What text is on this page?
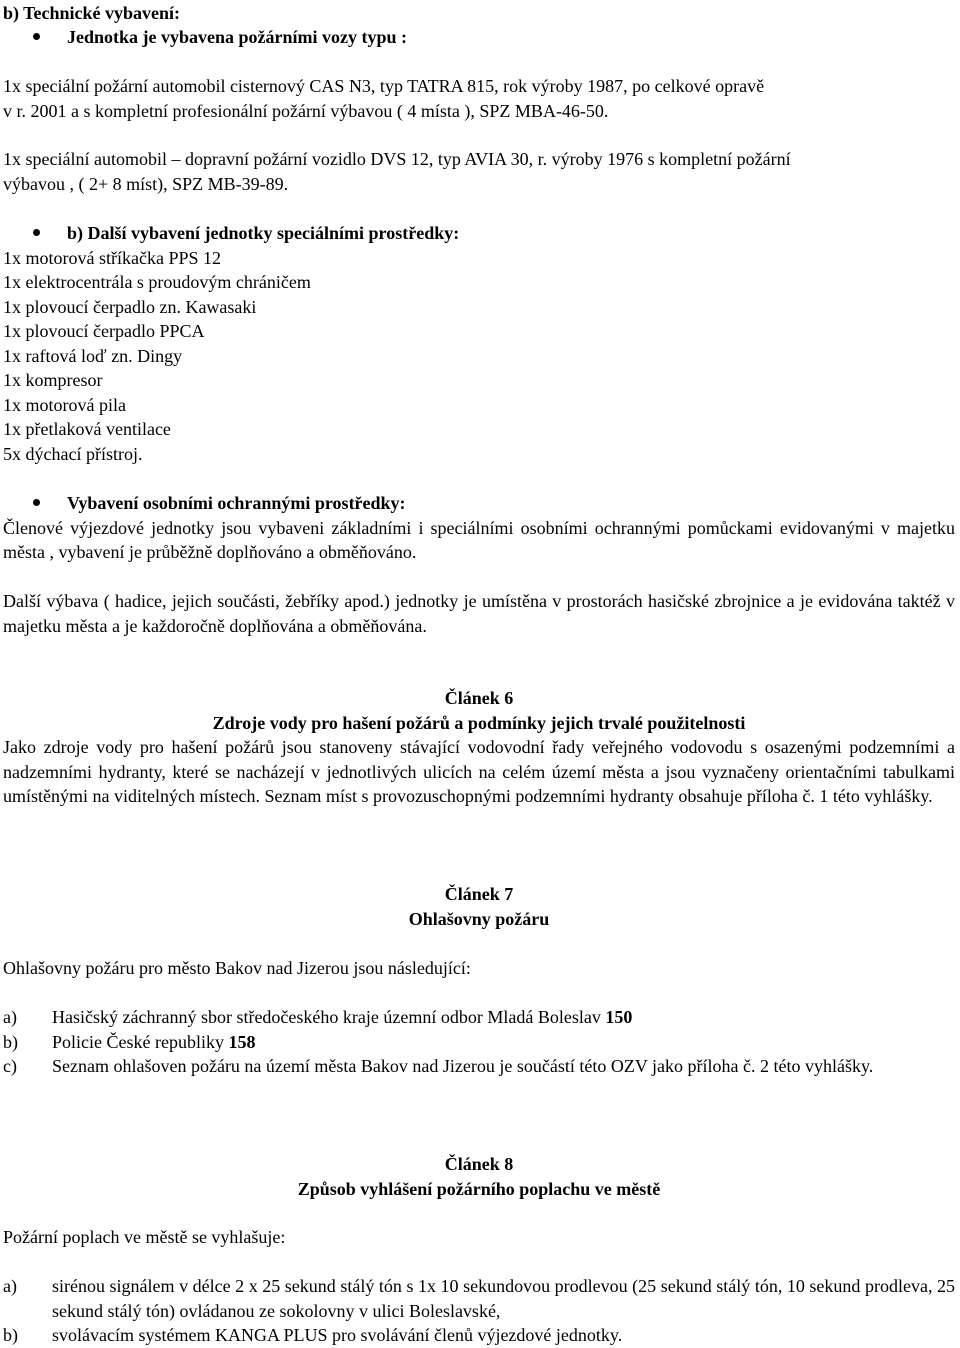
b) Technické vybavení:

Jednotka je vybavena požárními vozy typu :

1x speciální požární automobil cisternový CAS N3, typ TATRA 815, rok výroby 1987, po celkové opravě

v r. 2001 a s kompletní profesionální požární výbavou ( 4 místa ), SPZ MBA-46-50.

1x speciální automobil – dopravní požární vozidlo DVS 12, typ AVIA 30, r. výroby 1976 s kompletní požární

výbavou , ( 2+ 8 míst), SPZ MB-39-89.

b) Další vybavení jednotky speciálními prostředky:

1x motorová stříkačka PPS 12

1x elektrocentrála s proudovým chráničem

1x plovoucí čerpadlo zn. Kawasaki

1x plovoucí čerpadlo PPCA

1x raftová loď zn. Dingy

1x kompresor

1x motorová pila

1x přetlaková ventilace

5x dýchací přístroj.

Vybavení osobními ochrannými prostředky:

Členové výjezdové jednotky jsou vybaveni základními i speciálními osobními ochrannými pomůckami evidovanými v majetku města , vybavení je průběžně doplňováno a obměňováno.

Další výbava ( hadice, jejich součásti, žebříky apod.) jednotky je umístěna v prostorách hasičské zbrojnice a je evidována taktéž v majetku města a je každoročně doplňována a obměňována.

Článek 6

Zdroje vody pro hašení požárů a podmínky jejich trvalé použitelnosti

Jako zdroje vody pro hašení požárů jsou stanoveny stávající vodovodní řady veřejného vodovodu s osazenými podzemními a nadzemními hydranty, které se nacházejí v jednotlivých ulicích na celém území města a jsou vyznačeny orientačními tabulkami umístěnými na viditelných místech. Seznam míst s provozuschopnými podzemními hydranty obsahuje příloha č. 1 této vyhlášky.

Článek 7

Ohlašovny požáru

Ohlašovny požáru pro město Bakov nad Jizerou jsou následující:

a)	Hasičský záchranný sbor středočeského kraje územní odbor Mladá Boleslav 150
b)	Policie České republiky 158
c)	Seznam ohlašoven požáru na území města Bakov nad Jizerou je součástí této OZV jako příloha č. 2 této vyhlášky.

Článek 8

Způsob vyhlášení požárního poplachu ve městě

Požární poplach ve městě se vyhlašuje:

a)	sirénou signálem v délce 2 x 25 sekund stálý tón s 1x 10 sekundovou prodlevou (25 sekund stálý tón, 10 sekund prodleva, 25 sekund stálý tón) ovládanou ze sokolovny v ulici Boleslavské,
b)	svolávacím systémem KANGA PLUS pro svolávání členů výjezdové jednotky.
